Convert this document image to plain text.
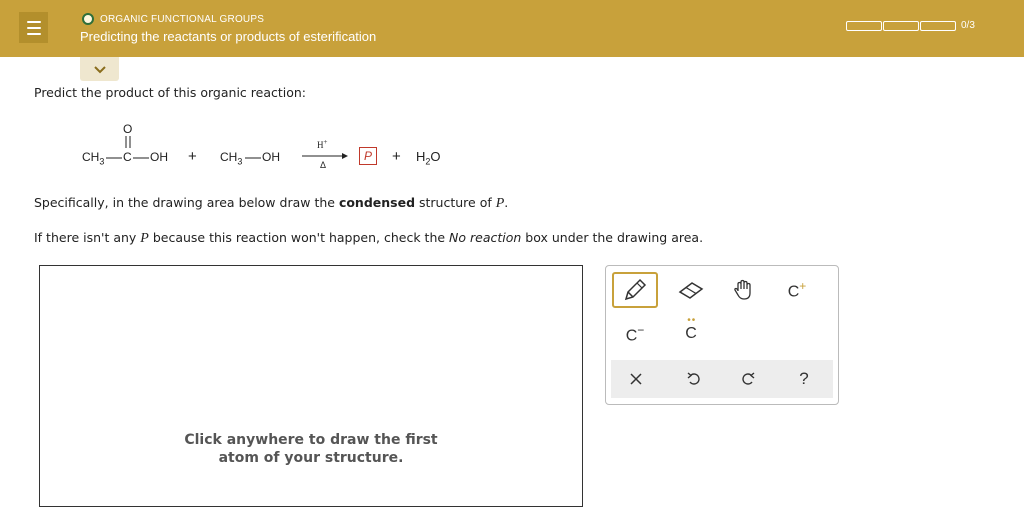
ORGANIC FUNCTIONAL GROUPS
Predicting the reactants or products of esterification
0/3
Predict the product of this organic reaction:
O
$CH_3$ C OH + $CH_3$ OH
H+
Δ	+ $H_2O$
P
Specifically, in the drawing area below draw the condensed structure of P.
If there isn't any P because this reaction won't happen, check the No reaction box under the drawing area.
Click anywhere to draw the first
atom of your structure.
C+
C−
••
C
?
